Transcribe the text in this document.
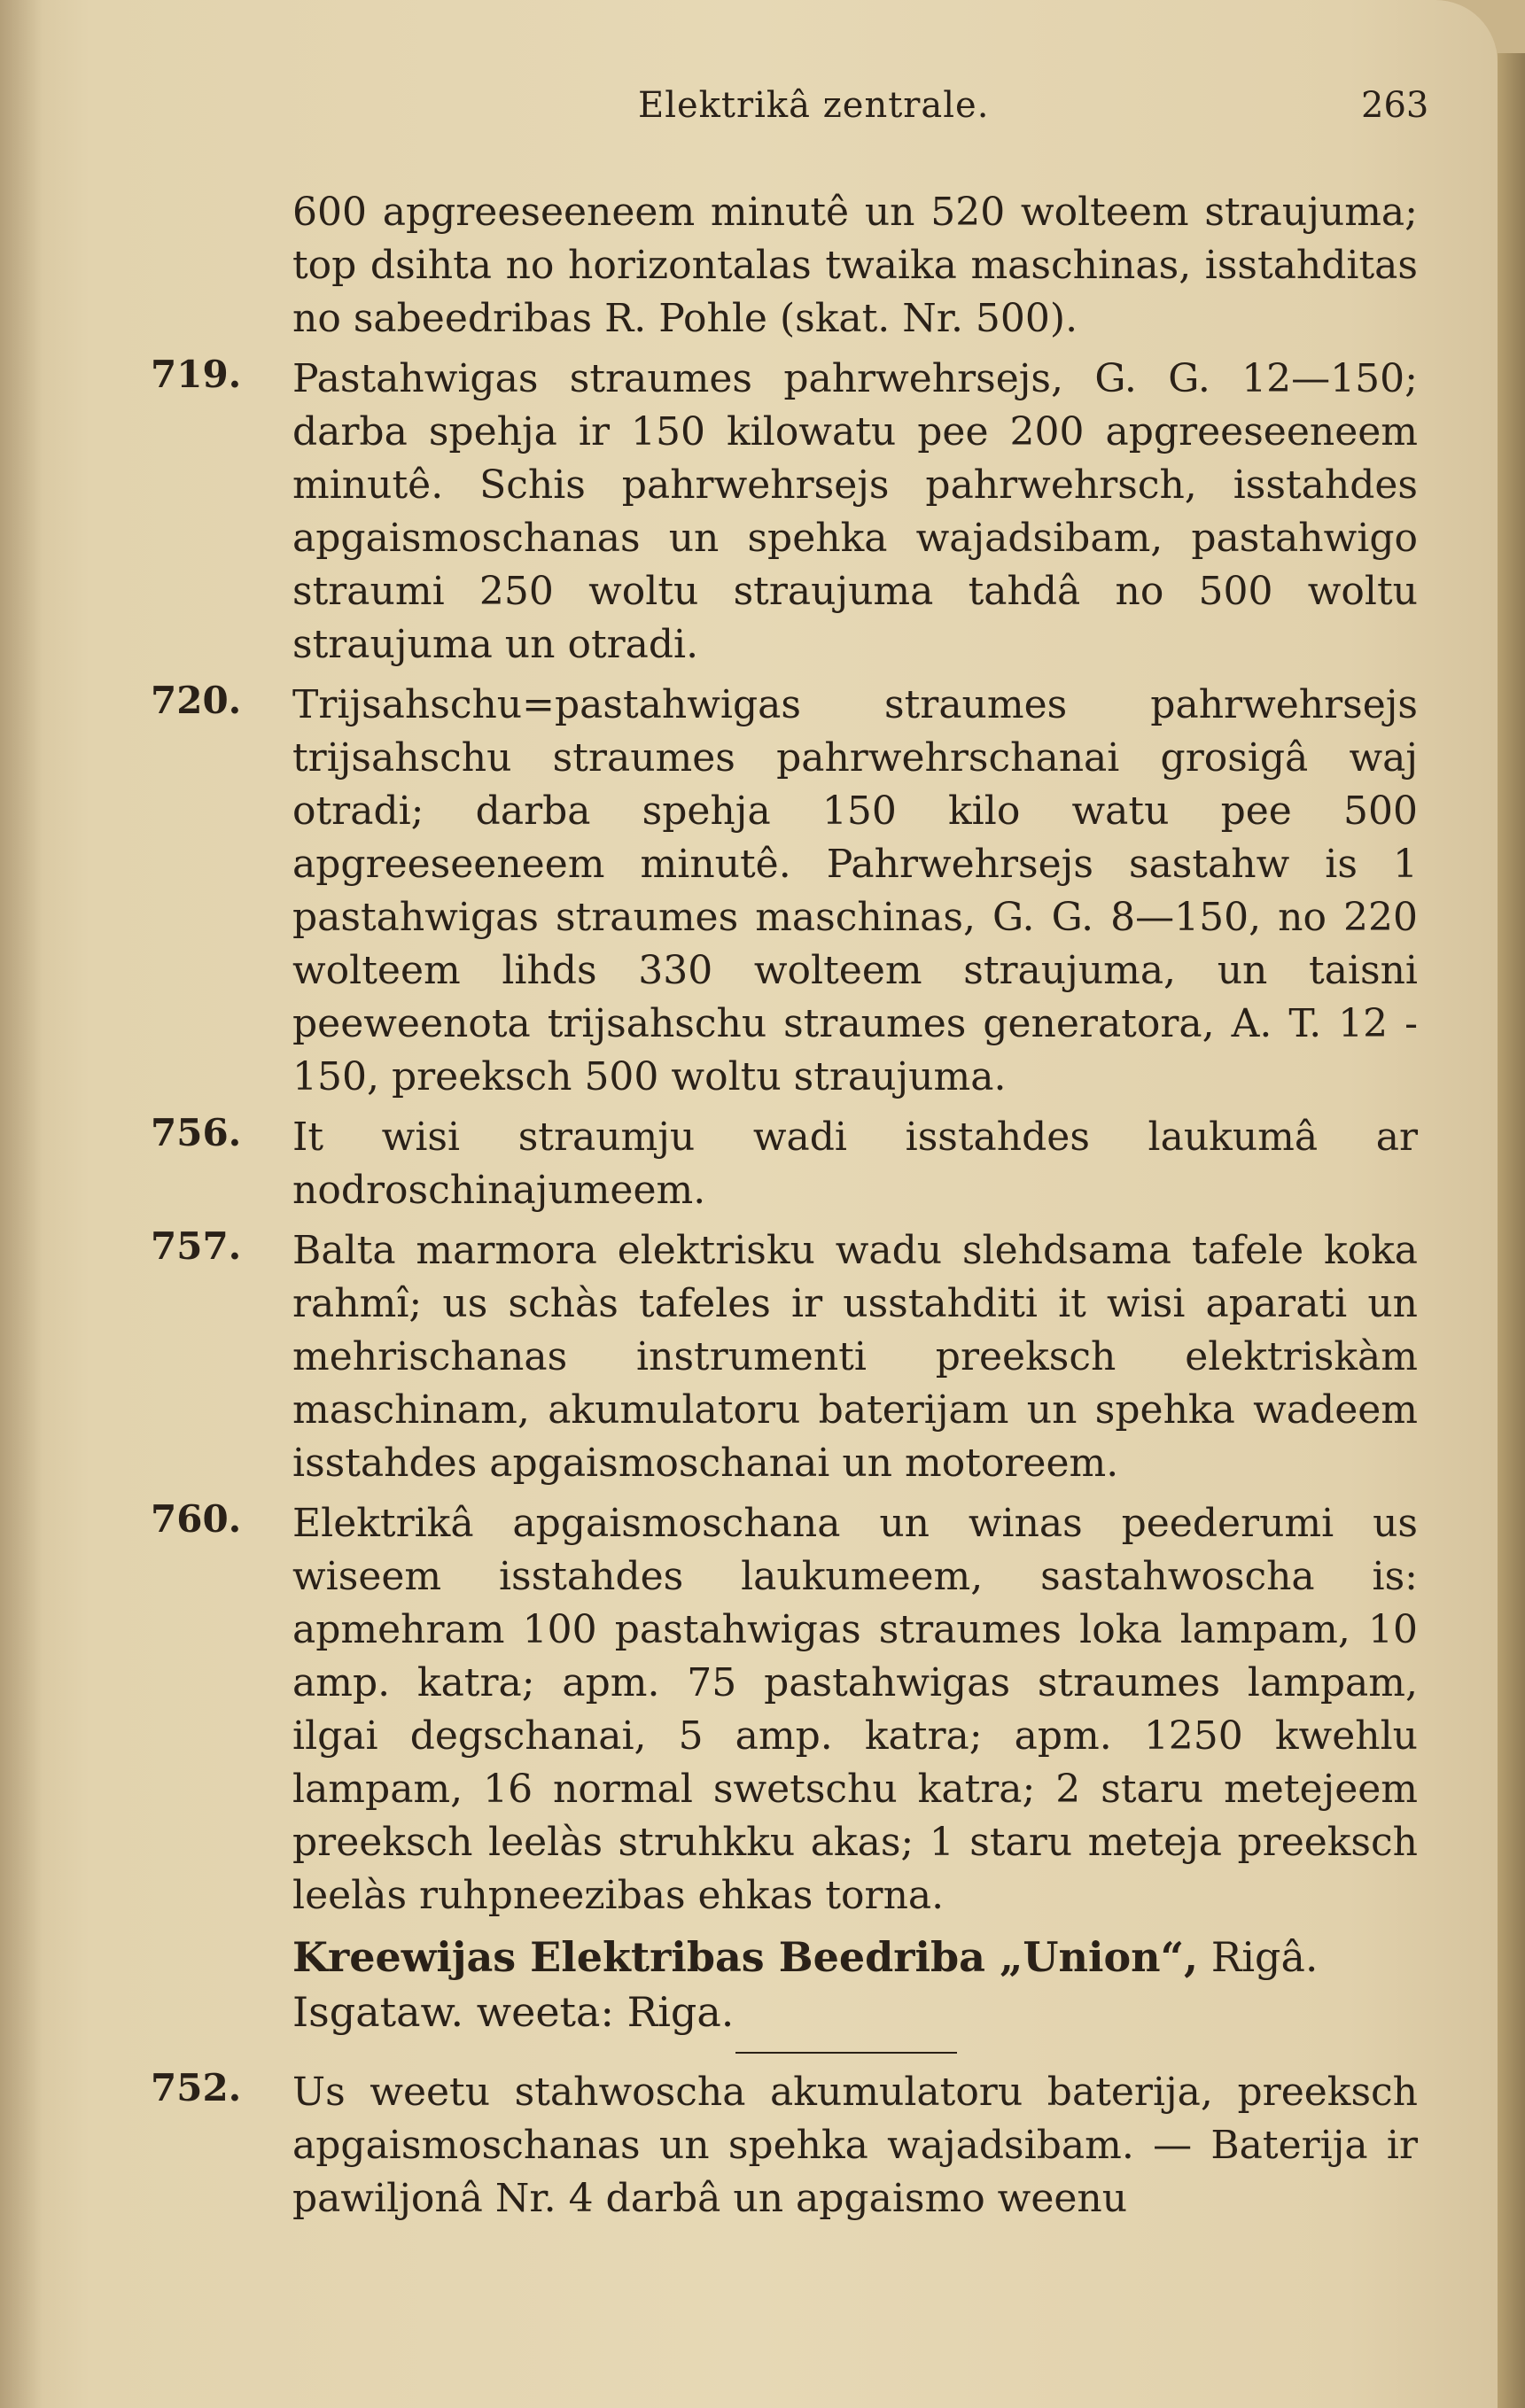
Elektrikâ zentrale.	263
600 apgreeseeneem minutê un 520 wolteem straujuma; top dsihta no horizontalas twaika maschinas, isstahditas no sabeedribas R. Pohle (skat. Nr. 500).
719. Pastahwigas straumes pahrwehrsejs, G. G. 12—150; darba spehja ir 150 kilowatu pee 200 apgreeseeneem minutê. Schis pahrwehrsejs pahrwehrsch, isstahdes apgaismoschanas un spehka wajadsibam, pastahwigo straumi 250 woltu straujuma tahdâ no 500 woltu straujuma un otradi.
720. Trijsahschu=pastahwigas straumes pahrwehrsejs trijsahschu straumes pahrwehrschanai grosigâ waj otradi; darba spehja 150 kilo watu pee 500 apgreeseeneem minutê. Pahrwehrsejs sastahw is 1 pastahwigas straumes maschinas, G. G. 8—150, no 220 wolteem lihds 330 wolteem straujuma, un taisni peeweenota trijsahschu straumes generatora, A. T. 12 - 150, preeksch 500 woltu straujuma.
756. It wisi straumju wadi isstahdes laukumâ ar nodroschinajumeem.
757. Balta marmora elektrisku wadu slehdsama tafele koka rahmî; us schàs tafeles ir usstahditi it wisi aparati un mehrischanas instrumenti preeksch elektriskàm maschinam, akumulatoru baterijam un spehka wadeem isstahdes apgaismoschanai un motoreem.
760. Elektrikâ apgaismoschana un winas peederumi us wiseem isstahdes laukumeem, sastahwoscha is: apmehram 100 pastahwigas straumes loka lampam, 10 amp. katra; apm. 75 pastahwigas straumes lampam, ilgai degschanai, 5 amp. katra; apm. 1250 kwehlu lampam, 16 normal swetschu katra; 2 staru metejeem preeksch leelàs struhkku akas; 1 staru meteja preeksch leelàs ruhpneezibas ehkas torna.
Kreewijas Elektribas Beedriba „Union“, Rigâ.
Isgataw. weeta: Riga.
752. Us weetu stahwoscha akumulatoru baterija, preeksch apgaismoschanas un spehka wajadsibam. — Baterija ir pawiljonâ Nr. 4 darbâ un apgaismo weenu
